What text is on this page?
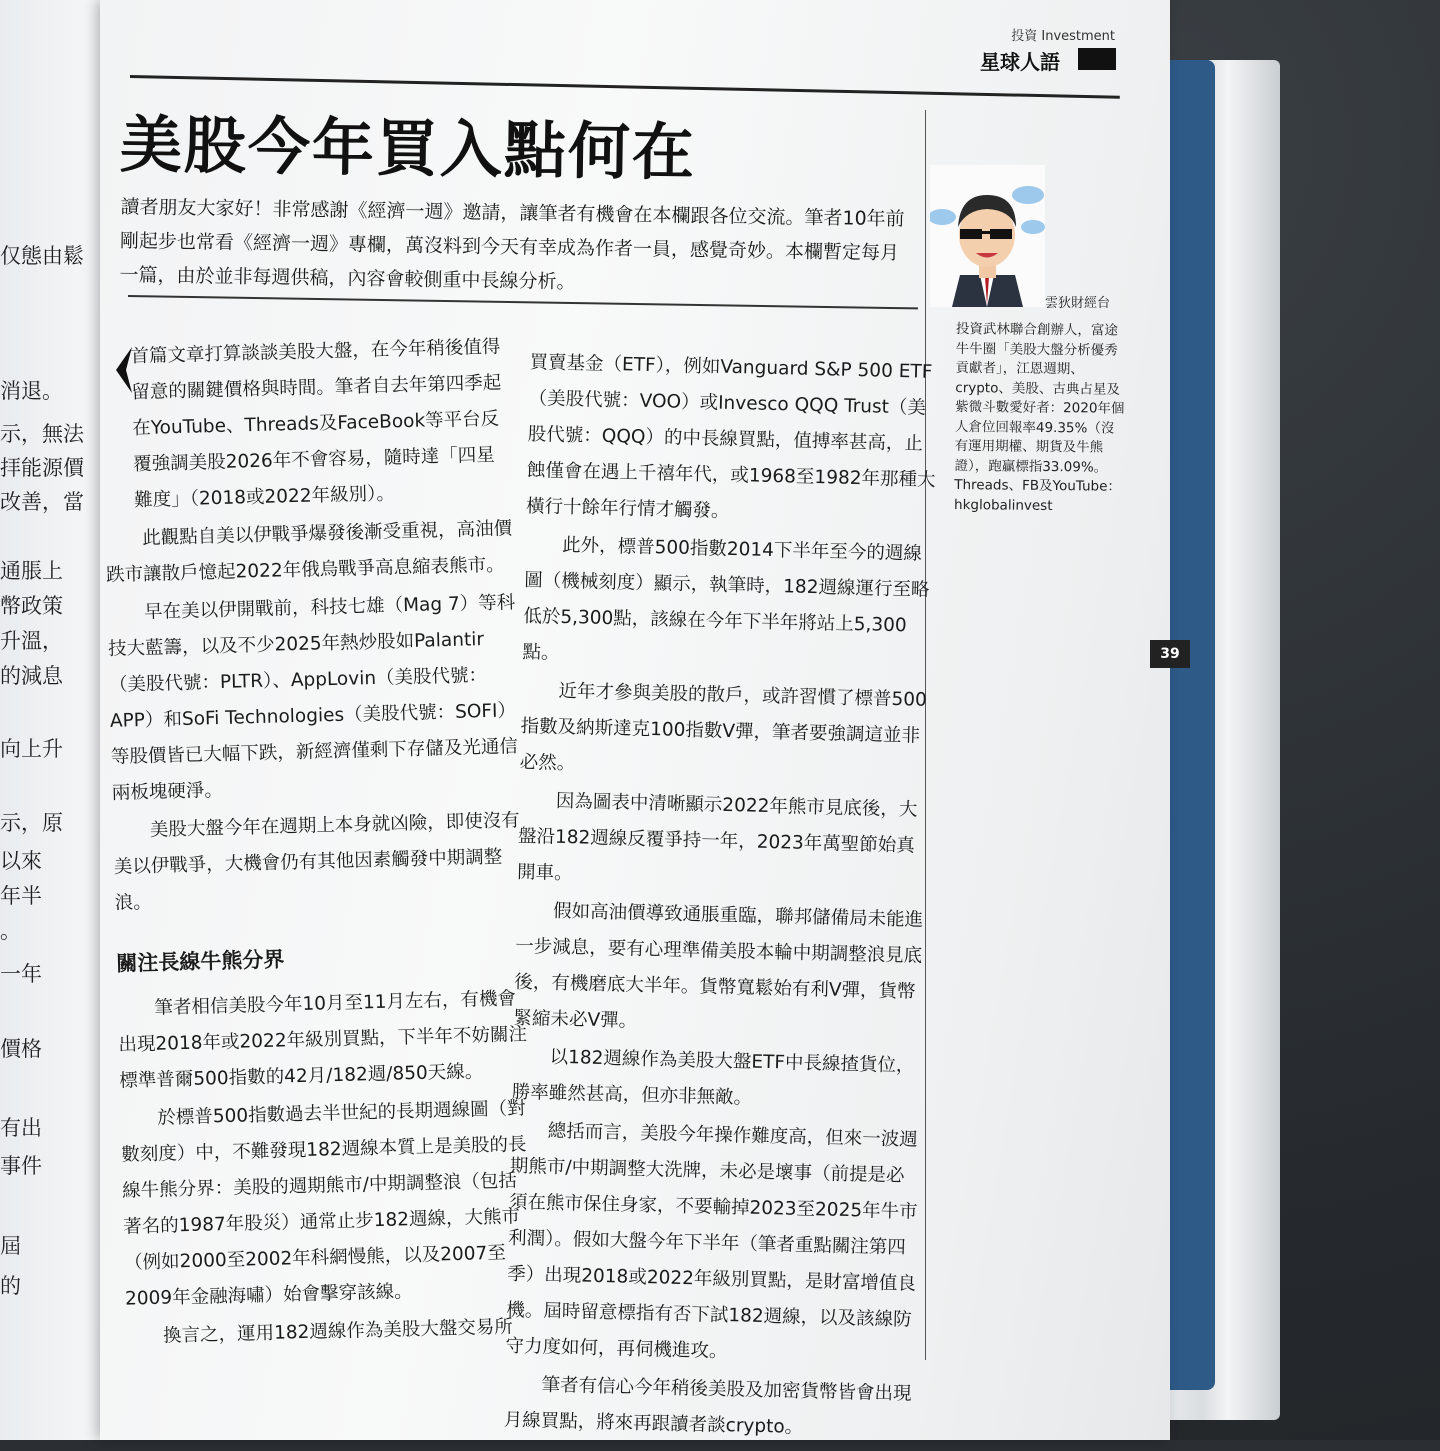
仅態由鬆
消退。
示，無法
拝能源價
改善，當
通脹上
幣政策
升溫，
的減息
向上升
示，原
以來
年半
。
一年
價格
有出
事件
屆
的
投資 Investment
星球人語
美股今年買入點何在
讀者朋友大家好！非常感謝《經濟一週》邀請，讓筆者有機會在本欄跟各位交流。筆者10年前剛起步也常看《經濟一週》專欄，萬沒料到今天有幸成為作者一員，感覺奇妙。本欄暫定每月一篇，由於並非每週供稿，內容會較側重中長線分析。
雲狄財經台
投資武林聯合創辦人，富途牛牛圈「美股大盤分析優秀貢獻者」，江恩週期、crypto、美股、古典占星及紫微斗數愛好者：2020年個人倉位回報率49.35%（沒有運用期權、期貨及牛熊證），跑贏標指33.09%。Threads、FB及YouTube：hkglobalinvest
39

首篇文章打算談談美股大盤，在今年稍後值得留意的關鍵價格與時間。筆者自去年第四季起在YouTube、Threads及FaceBook等平台反覆強調美股2026年不會容易，隨時達「四星難度」（2018或2022年級別）。

此觀點自美以伊戰爭爆發後漸受重視，高油價跌市讓散戶憶起2022年俄烏戰爭高息縮表熊市。

早在美以伊開戰前，科技七雄（Mag 7）等科技大藍籌，以及不少2025年熱炒股如Palantir（美股代號：PLTR）、AppLovin（美股代號：APP）和SoFi Technologies（美股代號：SOFI）等股價皆已大幅下跌，新經濟僅剩下存儲及光通信兩板塊硬淨。

美股大盤今年在週期上本身就凶險，即使沒有美以伊戰爭，大機會仍有其他因素觸發中期調整浪。

關注長線牛熊分界

筆者相信美股今年10月至11月左右，有機會出現2018年或2022年級別買點，下半年不妨關注標準普爾500指數的42月/182週/850天線。

於標普500指數過去半世紀的長期週線圖（對數刻度）中，不難發現182週線本質上是美股的長線牛熊分界：美股的週期熊市/中期調整浪（包括著名的1987年股災）通常止步182週線，大熊市（例如2000至2002年科網慢熊，以及2007至2009年金融海嘯）始會擊穿該線。

換言之，運用182週線作為美股大盤交易所

買賣基金（ETF），例如Vanguard S&P 500 ETF（美股代號：VOO）或Invesco QQQ Trust（美股代號：QQQ）的中長線買點，值搏率甚高，止蝕僅會在遇上千禧年代，或1968至1982年那種大橫行十餘年行情才觸發。

此外，標普500指數2014下半年至今的週線圖（機械刻度）顯示，執筆時，182週線運行至略低於5,300點，該線在今年下半年將站上5,300點。

近年才參與美股的散戶，或許習慣了標普500指數及納斯達克100指數V彈，筆者要強調這並非必然。

因為圖表中清晰顯示2022年熊市見底後，大盤沿182週線反覆爭持一年，2023年萬聖節始真開車。

假如高油價導致通脹重臨，聯邦儲備局未能進一步減息，要有心理準備美股本輪中期調整浪見底後，有機磨底大半年。貨幣寬鬆始有利V彈，貨幣緊縮未必V彈。

以182週線作為美股大盤ETF中長線揸貨位，勝率雖然甚高，但亦非無敵。

總括而言，美股今年操作難度高，但來一波週期熊市/中期調整大洗牌，未必是壞事（前提是必須在熊市保住身家，不要輸掉2023至2025年牛市利潤）。假如大盤今年下半年（筆者重點關注第四季）出現2018或2022年級別買點，是財富增值良機。屆時留意標指有否下試182週線，以及該線防守力度如何，再伺機進攻。

筆者有信心今年稍後美股及加密貨幣皆會出現月線買點，將來再跟讀者談crypto。
